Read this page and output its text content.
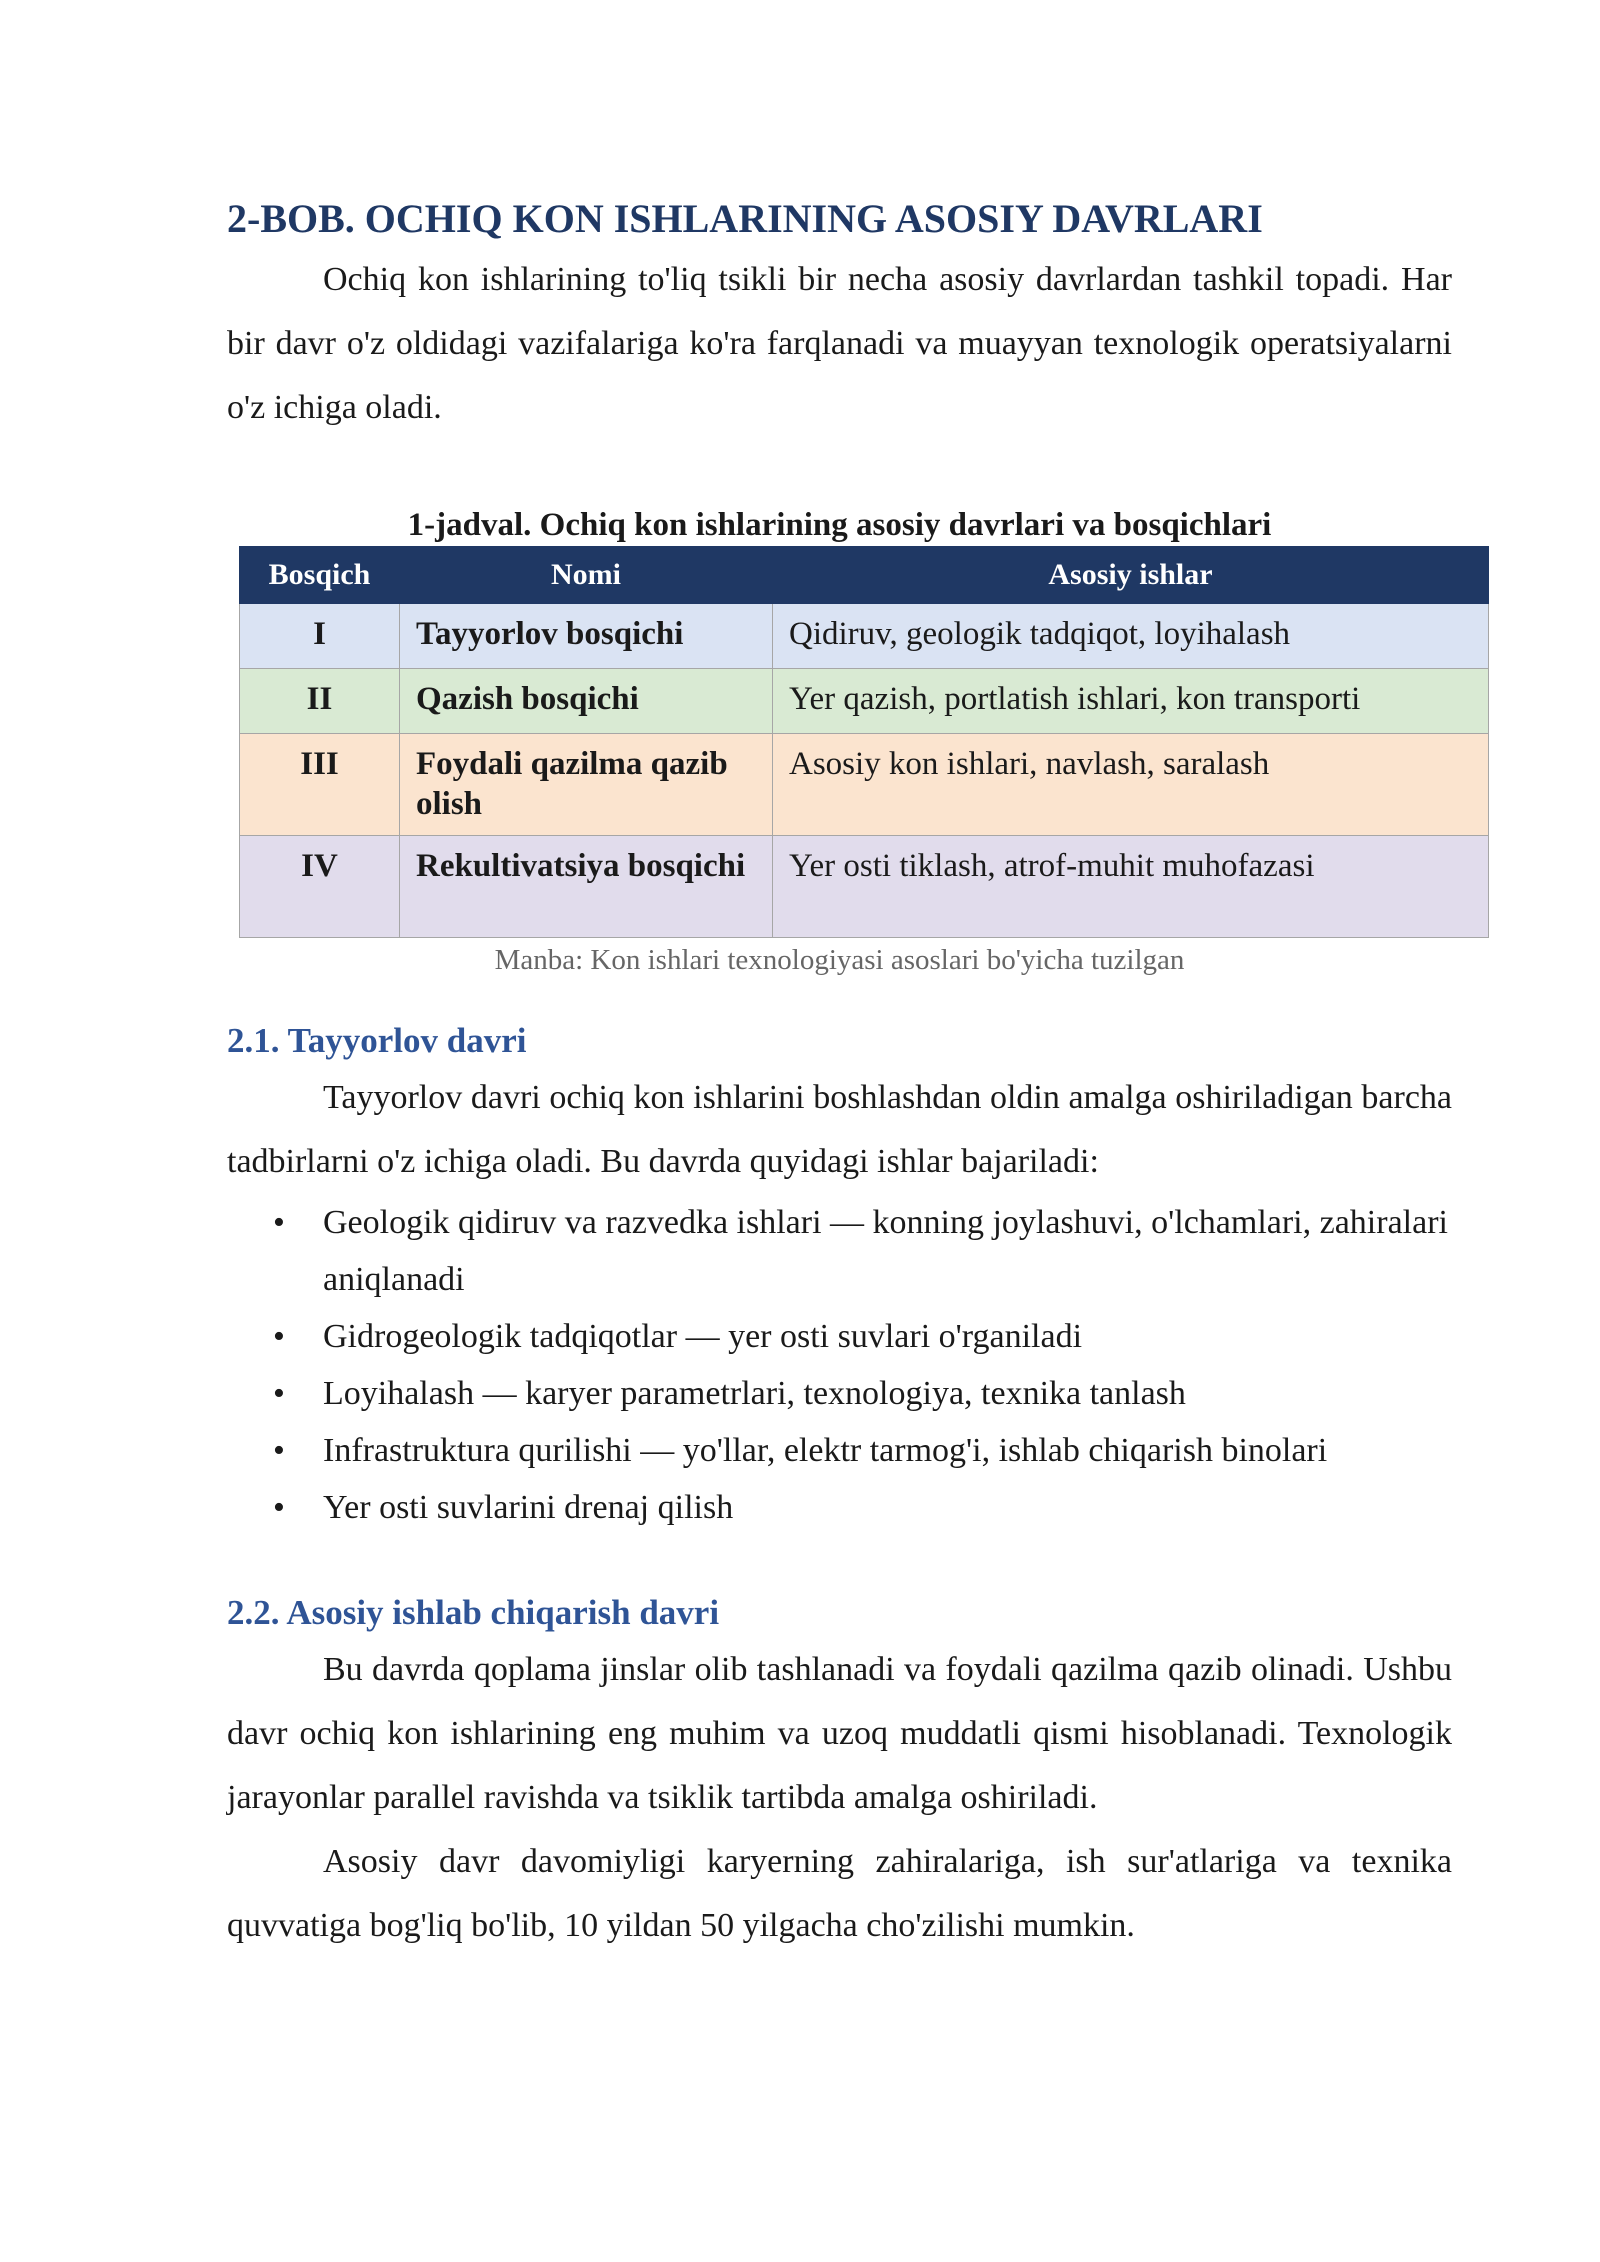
2-BOB. OCHIQ KON ISHLARINING ASOSIY DAVRLARI

Ochiq kon ishlarining to'liq tsikli bir necha asosiy davrlardan tashkil topadi. Har bir davr o'z oldidagi vazifalariga ko'ra farqlanadi va muayyan texnologik operatsiyalarni o'z ichiga oladi.

1-jadval. Ochiq kon ishlarining asosiy davrlari va bosqichlari

Bosqich	Nomi	Asosiy ishlar
I	Tayyorlov bosqichi	Qidiruv, geologik tadqiqot, loyihalash
II	Qazish bosqichi	Yer qazish, portlatish ishlari, kon transporti
III	Foydali qazilma qazib olish	Asosiy kon ishlari, navlash, saralash
IV	Rekultivatsiya bosqichi	Yer osti tiklash, atrof-muhit muhofazasi

Manba: Kon ishlari texnologiyasi asoslari bo'yicha tuzilgan

2.1. Tayyorlov davri

Tayyorlov davri ochiq kon ishlarini boshlashdan oldin amalga oshiriladigan barcha tadbirlarni o'z ichiga oladi. Bu davrda quyidagi ishlar bajariladi:

• Geologik qidiruv va razvedka ishlari — konning joylashuvi, o'lchamlari, zahiralari aniqlanadi
• Gidrogeologik tadqiqotlar — yer osti suvlari o'rganiladi
• Loyihalash — karyer parametrlari, texnologiya, texnika tanlash
• Infrastruktura qurilishi — yo'llar, elektr tarmog'i, ishlab chiqarish binolari
• Yer osti suvlarini drenaj qilish
2.2. Asosiy ishlab chiqarish davri

Bu davrda qoplama jinslar olib tashlanadi va foydali qazilma qazib olinadi. Ushbu davr ochiq kon ishlarining eng muhim va uzoq muddatli qismi hisoblanadi. Texnologik jarayonlar parallel ravishda va tsiklik tartibda amalga oshiriladi.

Asosiy davr davomiyligi karyerning zahiralariga, ish sur'atlariga va texnika quvvatiga bog'liq bo'lib, 10 yildan 50 yilgacha cho'zilishi mumkin.
